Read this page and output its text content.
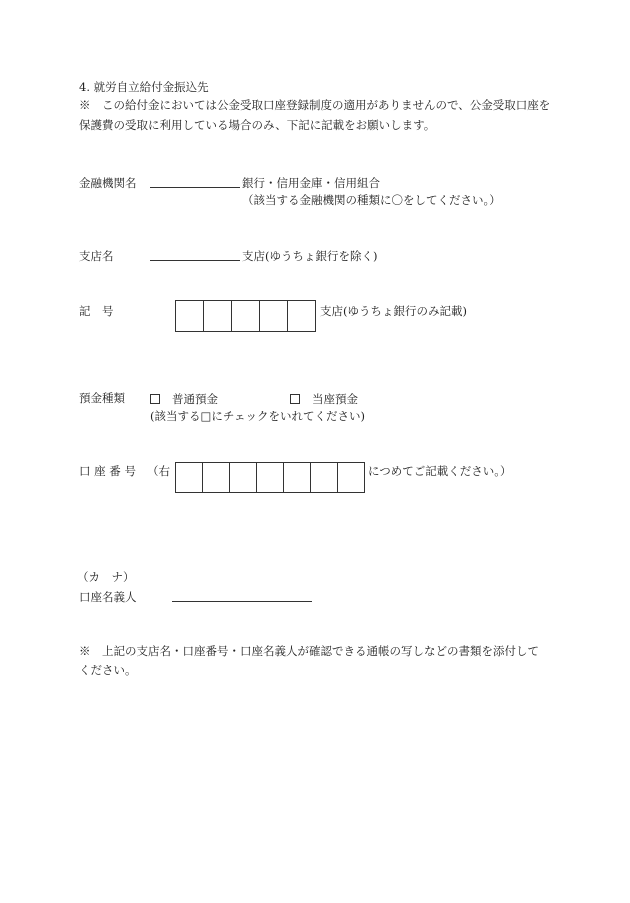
4. 就労自立給付金振込先
※　この給付金においては公金受取口座登録制度の適用がありませんので、公金受取口座を
保護費の受取に利用している場合のみ、下記に記載をお願いします。
金融機関名	銀行・信用金庫・信用組合
（該当する金融機関の種類に〇をしてください。）
支店名	支店(ゆうちょ銀行を除く)
記　号	支店(ゆうちょ銀行のみ記載)
預金種類	普通預金	当座預金
(該当する□にチェックをいれてください)
口 座 番 号 （右	につめてご記載ください。）
（カ　ナ）
口座名義人
※　上記の支店名・口座番号・口座名義人が確認できる通帳の写しなどの書類を添付して
ください。
